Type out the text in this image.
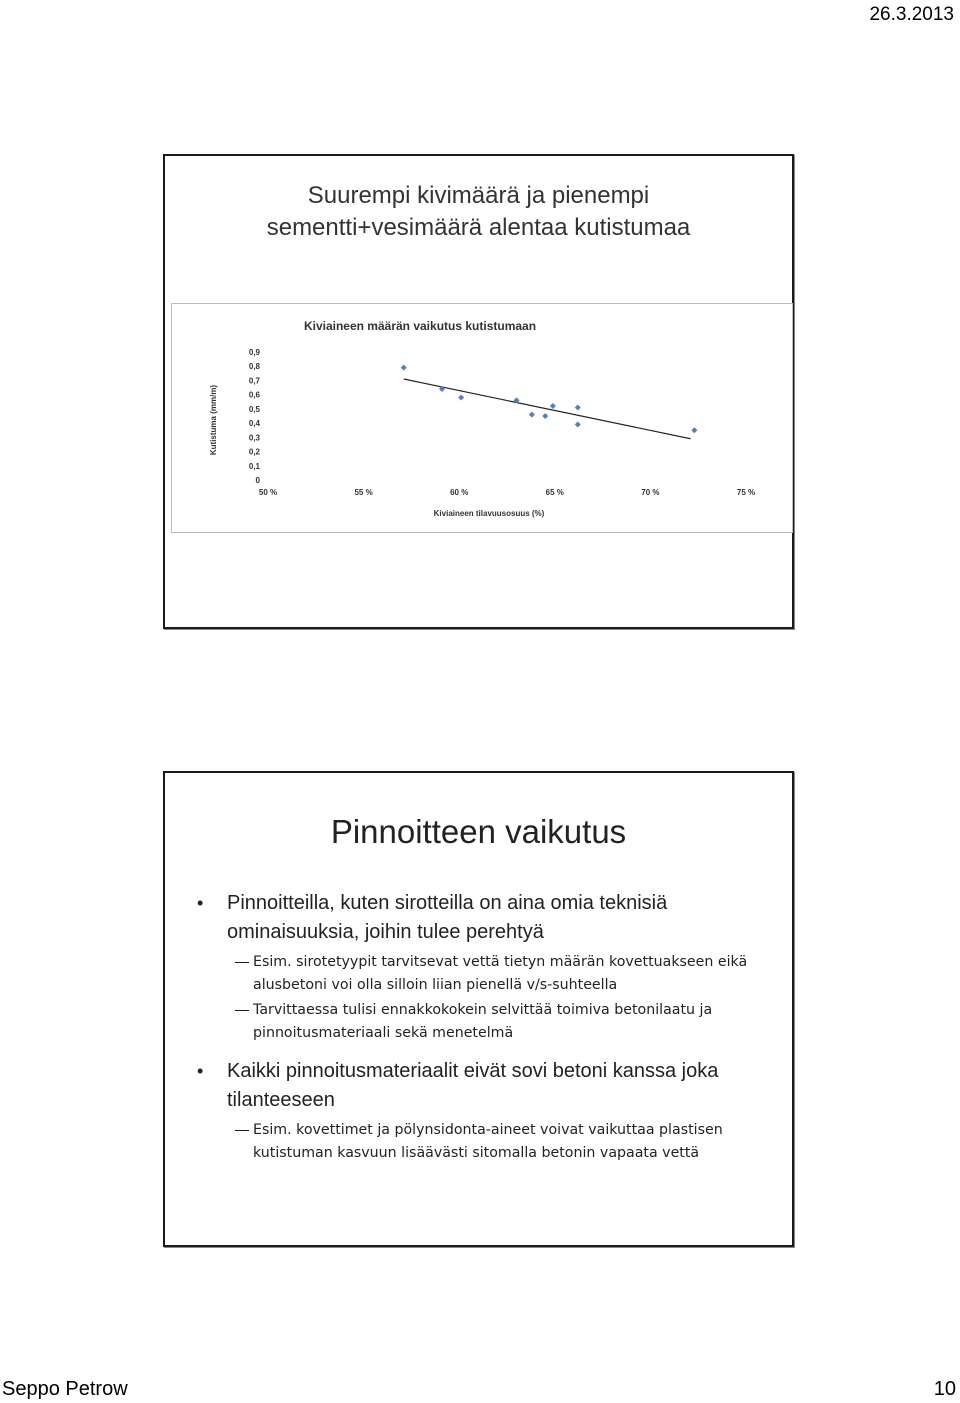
26.3.2013
Suurempi kivimäärä ja pienempi
sementti+vesimäärä alentaa kutistumaa
Kiviaineen määrän vaikutus kutistumaan
0
0,1
0,2
0,3
0,4
0,5
0,6
0,7
0,8
0,9
50 %	55 %	60 %	65 %	70 %	75 %
Kiviaineen tilavuusosuus (%)
Kutistuma (mm/m)
Pinnoitteen vaikutus
• Pinnoitteilla, kuten sirotteilla on aina omia teknisiä ominaisuuksia, joihin tulee perehtyä
Esim. sirotetyypit tarvitsevat vettä tietyn määrän kovettuakseen eikä alusbetoni voi olla silloin liian pienellä v/s-suhteella
Tarvittaessa tulisi ennakkokokein selvittää toimiva betonilaatu ja pinnoitusmateriaali sekä menetelmä
• Kaikki pinnoitusmateriaalit eivät sovi betoni kanssa joka tilanteeseen
Esim. kovettimet ja pölynsidonta-aineet voivat vaikuttaa plastisen kutistuman kasvuun lisäävästi sitomalla betonin vapaata vettä
Seppo Petrow	10
